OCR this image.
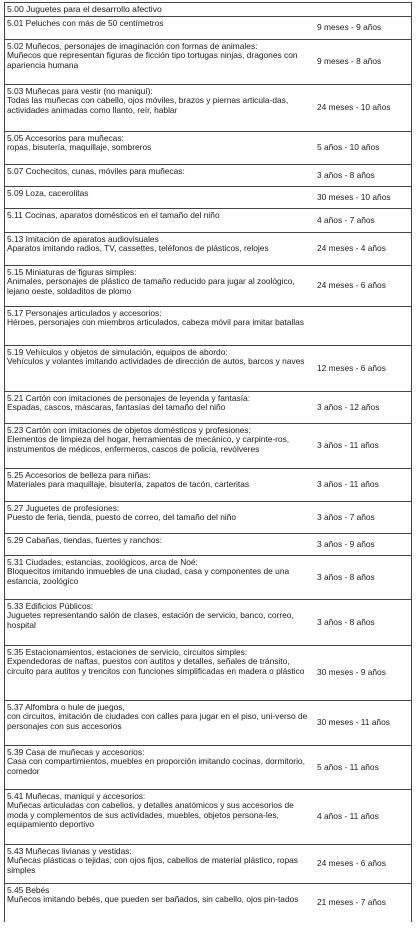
5.00 Juguetes para el desarrollo afectivo
5.01 Peluches con más de 50 centímetros	9 meses - 9 años
5.02 Muñecos, personajes de imaginación con formas de animales:
Muñecos que representan figuras de ficción tipo tortugas ninjas, dragones con apariencia humana	9 meses - 8 años
5.03 Muñecas para vestir (no maniquí):
Todas las muñecas con cabello, ojos móviles, brazos y piernas articula-das, actividades animadas como llanto, reír, hablar	24 meses - 10 años
5.05 Accesorios para muñecas:
ropas, bisutería, maquillaje, sombreros	5 años - 10 años
5.07 Cochecitos, cunas, móviles para muñecas:	3 años - 8 años
5.09 Loza, cacerolitas	30 meses - 10 años
5.11 Cocinas, aparatos domésticos en el tamaño del niño	4 años - 7 años
5.13 Imitación de aparatos audiovisuales
Aparatos imitando radios, TV, cassettes, teléfonos de plásticos, relojes	24 meses - 4 años
5.15 Miniaturas de figuras simples:
Animales, personajes de plástico de tamaño reducido para jugar al zoológico, lejano oeste, soldaditos de plomo
24 meses - 6 años
5.17 Personajes articulados y accesorios:
Héroes, personajes con miembros articulados, cabeza móvil para imitar batallas
5.19 Vehículos y objetos de simulación, equipos de abordo:
Vehículos y volantes imitando actividades de dirección de autos, barcos y naves
12 meses - 6 años
5.21 Cartón con imitaciones de personajes de leyenda y fantasía:
Espadas, cascos, máscaras, fantasías del tamaño del niño	3 años - 12 años
5.23 Cartón con imitaciones de objetos domésticos y profesiones:
Elementos de limpieza del hogar, herramientas de mecánico, y carpinte-ros, instrumentos de médicos, enfermeros, cascos de policía, revólveres	3 años - 11 años
5.25 Accesorios de belleza para niñas:
Materiales para maquillaje, bisutería, zapatos de tacón, carteritas	3 años - 11 años
5.27 Juguetes de profesiones:
Puesto de feria, tienda, puesto de correo, del tamaño del niño	3 años - 7 años
5.29 Cabañas, tiendas, fuertes y ranchos:	3 años - 9 años
5.31 Ciudades, estancias, zoológicos, arca de Noé:
Bloquecitos imitando inmuebles de una ciudad, casa y componentes de una estancia, zoológico	3 años - 8 años
5.33 Edificios Públicos:
Juguetes representando salón de clases, estación de servicio, banco, correo, hospital	3 años - 8 años
5.35 Estacionamientos, estaciones de servicio, circuitos simples:
Expendedoras de naftas, puestos con autitos y detalles, señales de tránsito, circuito para autitos y trencitos con funciones simplificadas en madera o plástico	30 meses - 9 años
5.37 Alfombra o hule de juegos,
con circuitos, imitación de ciudades con calles para jugar en el piso, uni-verso de personajes con sus accesorios	30 meses - 11 años
5.39 Casa de muñecas y accesorios:
Casa con compartimientos, muebles en proporción imitando cocinas, dormitorio, comedor	5 años - 11 años
5.41 Muñecas, maniquí y accesorios:
Muñecas articuladas con cabellos, y detalles anatómicos y sus accesorios de moda y complementos de sus actividades, muebles, objetos persona-les, equipamiento deportivo
4 años - 11 años
5.43 Muñecas livianas y vestidas:
Muñecas plásticas o tejidas, con ojos fijos, cabellos de material plástico, ropas simples
24 meses - 6 años
5.45 Bebés
Muñecos imitando bebés, que pueden ser bañados, sin cabello, ojos pin-tados	21 meses - 7 años
